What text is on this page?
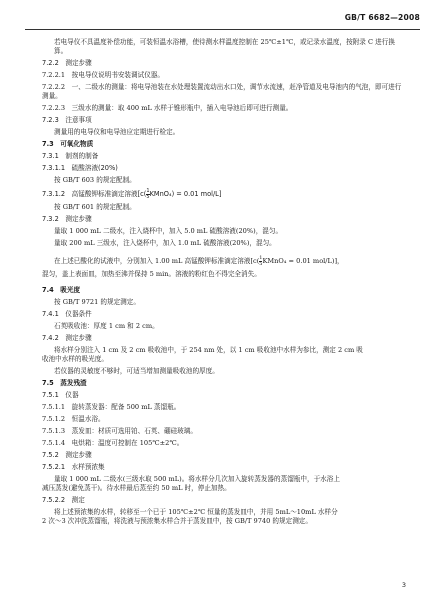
GB/T 6682—2008

若电导仪不具温度补偿功能，可装恒温水浴槽，使待测水样温度控制在 25℃±1℃，或记录水温度，按附录 C 进行换算。

7.2.2　测定步骤

7.2.2.1　按电导仪说明书安装调试仪器。

7.2.2.2　一、二级水的测量：将电导池装在水处理装置流动出水口处，调节水流速，赶净管道及电导池内的气泡，即可进行测量。

7.2.2.3　三级水的测量：取 400 mL 水样于锥形瓶中，插入电导池后即可进行测量。

7.2.3　注意事项

测量用的电导仪和电导池应定期进行检定。

7.3　可氧化物质

7.3.1　制剂的制备

7.3.1.1　硫酸溶液(20%)

按 GB/T 603 的规定配制。

7.3.1.2　高锰酸钾标准滴定溶液[$c( \frac{1}{5}$ KMnO₄) = 0.01 mol/L]

按 GB/T 601 的规定配制。

7.3.2　测定步骤

量取 1 000 mL 二级水，注入烧杯中，加入 5.0 mL 硫酸溶液(20%)，混匀。

量取 200 mL 三级水，注入烧杯中，加入 1.0 mL 硫酸溶液(20%)，混匀。

在上述已酸化的试液中，分别加入 1.00 mL 高锰酸钾标准滴定溶液[$c( \frac{1}{5}$ KMnO₄ = 0.01 mol/L)]，

混匀，盖上表面皿，加热至沸并保持 5 min。溶液的粉红色不得完全消失。

7.4　吸光度

按 GB/T 9721 的规定测定。

7.4.1　仪器条件

石英吸收池：厚度 1 cm 和 2 cm。

7.4.2　测定步骤

将水样分别注入 1 cm 及 2 cm 吸收池中，于 254 nm 处，以 1 cm 吸收池中水样为参比，测定 2 cm 吸

收池中水样的吸光度。

若仪器的灵敏度不够时，可适当增加测量吸收池的厚度。

7.5　蒸发残渣

7.5.1　仪器

7.5.1.1　旋转蒸发器：配备 500 mL 蒸馏瓶。

7.5.1.2　恒温水浴。

7.5.1.3　蒸发皿：材质可选用铂、石英、硼硅玻璃。

7.5.1.4　电烘箱：温度可控制在 105℃±2℃。

7.5.2　测定步骤

7.5.2.1　水样预浓集

量取 1 000 mL 二级水(三级水取 500 mL)。将水样分几次加入旋转蒸发器的蒸馏瓶中，于水浴上

减压蒸发(避免蒸干)。待水样最后蒸至约 50 mL 时，停止加热。

7.5.2.2　测定

将上述预浓集的水样，转移至一个已于 105℃±2℃ 恒量的蒸发皿中，并用 5mL～10mL 水样分

2 次～3 次冲洗蒸馏瓶，将洗液与预浓集水样合并于蒸发皿中，按 GB/T 9740 的规定测定。

3
